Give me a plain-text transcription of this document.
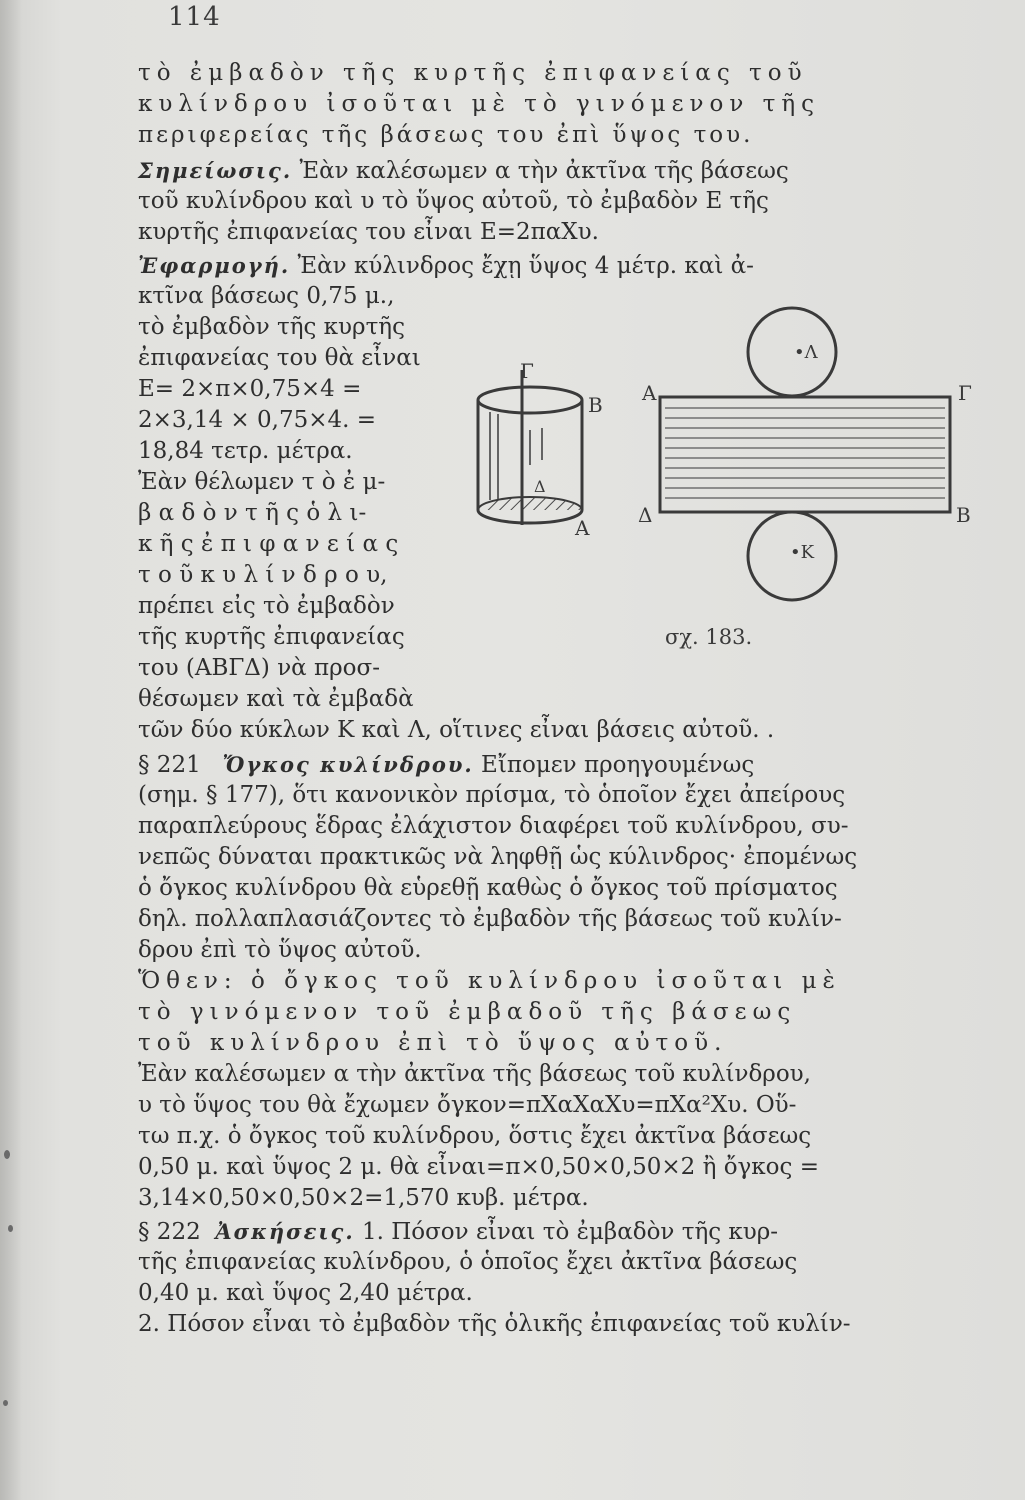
114
τὸ ἐμβαδὸν τῆς κυρτῆς ἐπιφανείας τοῦ
κυλίνδρου ἰσοῦται μὲ τὸ γινόμενον τῆς
περιφερείας τῆς βάσεως του ἐπὶ ὕψος του.
Σημείωσις. Ἐὰν καλέσωμεν α τὴν ἀκτῖνα τῆς βάσεως
τοῦ κυλίνδρου καὶ υ τὸ ὕψος αὐτοῦ, τὸ ἐμβαδὸν Ε τῆς
κυρτῆς ἐπιφανείας του εἶναι Ε=2παΧυ.
Ἐφαρμογή. Ἐὰν κύλινδρος ἔχῃ ὕψος 4 μέτρ. καὶ ἀ-
κτῖνα βάσεως 0,75 μ.,
τὸ ἐμβαδὸν τῆς κυρτῆς
ἐπιφανείας του θὰ εἶναι
Ε= 2×π×0,75×4 =
2×3,14 × 0,75×4. =
18,84 τετρ. μέτρα.
Ἐὰν θέλωμεν τ ὸ ἐ μ-
β α δ ὸ ν τ ῆ ς ὁ λ ι-
κ ῆ ς ἐ π ι φ α ν ε ί α ς
τ ο ῦ κ υ λ ί ν δ ρ ο υ,
πρέπει εἰς τὸ ἐμβαδὸν
τῆς κυρτῆς ἐπιφανείας
του (ΑΒΓΔ) νὰ προσ-
θέσωμεν καὶ τὰ ἐμβαδὰ
τῶν δύο κύκλων Κ καὶ Λ, οἵτινες εἶναι βάσεις αὐτοῦ. .
Γ
Β
Α
Δ
Α	Γ
Δ	Β
•Λ
•Κ
σχ. 183.
§ 221 Ὄγκος κυλίνδρου. Εἴπομεν προηγουμένως
(σημ. § 177), ὅτι κανονικὸν πρίσμα, τὸ ὁποῖον ἔχει ἀπείρους
παραπλεύρους ἕδρας ἐλάχιστον διαφέρει τοῦ κυλίνδρου, συ-
νεπῶς δύναται πρακτικῶς νὰ ληφθῇ ὡς κύλινδρος· ἐπομένως
ὁ ὄγκος κυλίνδρου θὰ εὑρεθῇ καθὼς ὁ ὄγκος τοῦ πρίσματος
δηλ. πολλαπλασιάζοντες τὸ ἐμβαδὸν τῆς βάσεως τοῦ κυλίν-
δρου ἐπὶ τὸ ὕψος αὐτοῦ.
Ὅθεν: ὁ ὄγκος τοῦ κυλίνδρου ἰσοῦται μὲ
τὸ γινόμενον τοῦ ἐμβαδοῦ τῆς βάσεως
τοῦ κυλίνδρου ἐπὶ τὸ ὕψος αὐτοῦ.
Ἐὰν καλέσωμεν α τὴν ἀκτῖνα τῆς βάσεως τοῦ κυλίνδρου,
υ τὸ ὕψος του θὰ ἔχωμεν ὄγκον=πΧαΧαΧυ=πΧα²Χυ. Οὕ-
τω π.χ. ὁ ὄγκος τοῦ κυλίνδρου, ὅστις ἔχει ἀκτῖνα βάσεως
0,50 μ. καὶ ὕψος 2 μ. θὰ εἶναι=π×0,50×0,50×2 ἢ ὄγκος =
3,14×0,50×0,50×2=1,570 κυβ. μέτρα.
§ 222 Ἀσκήσεις. 1. Πόσον εἶναι τὸ ἐμβαδὸν τῆς κυρ-
τῆς ἐπιφανείας κυλίνδρου, ὁ ὁποῖος ἔχει ἀκτῖνα βάσεως
0,40 μ. καὶ ὕψος 2,40 μέτρα.
2. Πόσον εἶναι τὸ ἐμβαδὸν τῆς ὁλικῆς ἐπιφανείας τοῦ κυλίν-
